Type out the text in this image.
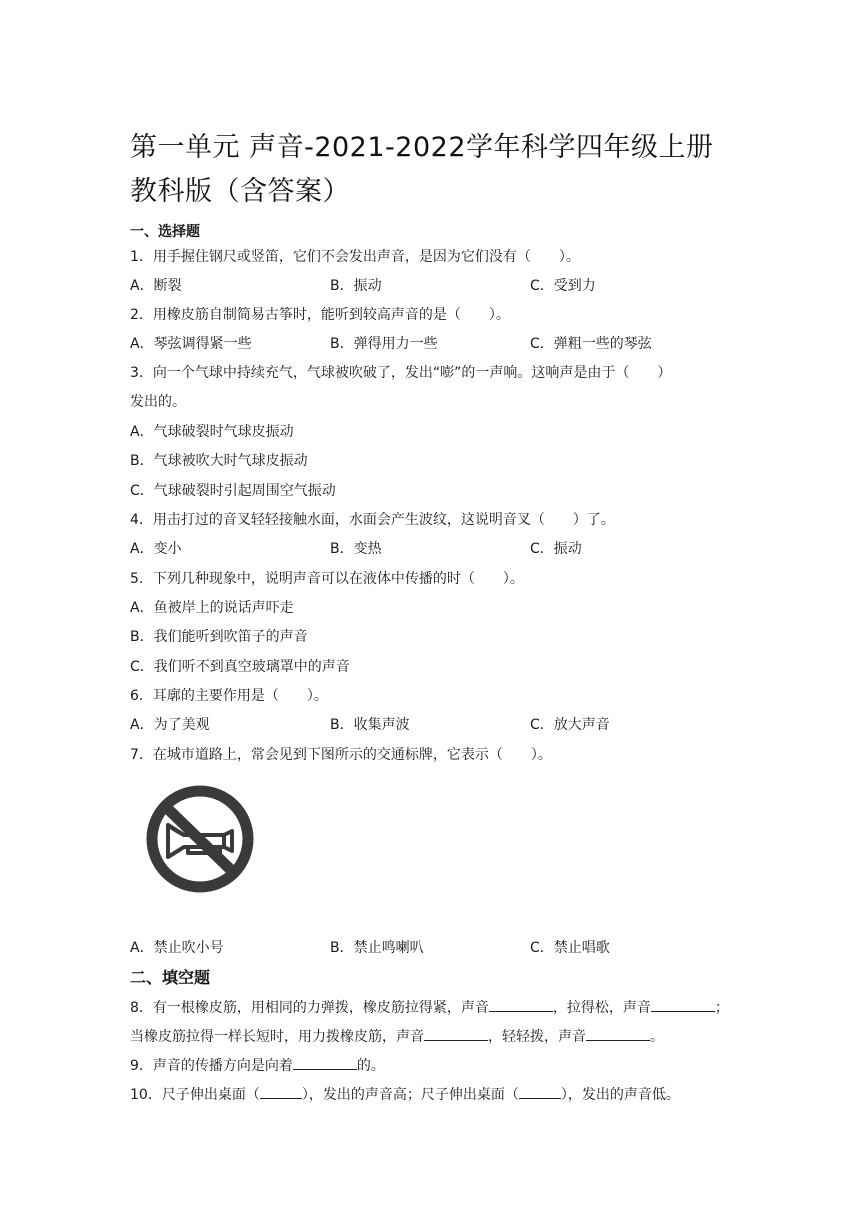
第一单元 声音-2021-2022学年科学四年级上册 教科版（含答案）
一、选择题
1．用手握住钢尺或竖笛，它们不会发出声音，是因为它们没有（　　）。
A．断裂	B．振动	C．受到力
2．用橡皮筋自制简易古筝时，能听到较高声音的是（　　）。
A．琴弦调得紧一些	B．弹得用力一些	C．弹粗一些的琴弦
3．向一个气球中持续充气，气球被吹破了，发出“嘭”的一声响。这响声是由于（　　）
发出的。
A．气球破裂时气球皮振动
B．气球被吹大时气球皮振动
C．气球破裂时引起周围空气振动
4．用击打过的音叉轻轻接触水面，水面会产生波纹，这说明音叉（　　）了。
A．变小	B．变热	C．振动
5．下列几种现象中，说明声音可以在液体中传播的时（　　）。
A．鱼被岸上的说话声吓走
B．我们能听到吹笛子的声音
C．我们听不到真空玻璃罩中的声音
6．耳廓的主要作用是（　　）。
A．为了美观	B．收集声波	C．放大声音
7．在城市道路上，常会见到下图所示的交通标牌，它表示（　　）。
A．禁止吹小号	B．禁止鸣喇叭	C．禁止唱歌
二、填空题
8．有一根橡皮筋，用相同的力弹拨，橡皮筋拉得紧，声音	，拉得松，声音	；
当橡皮筋拉得一样长短时，用力拨橡皮筋，声音	，轻轻拨，声音	。
9．声音的传播方向是向着	的。
10．尺子伸出桌面（	），发出的声音高；尺子伸出桌面（	），发出的声音低。
